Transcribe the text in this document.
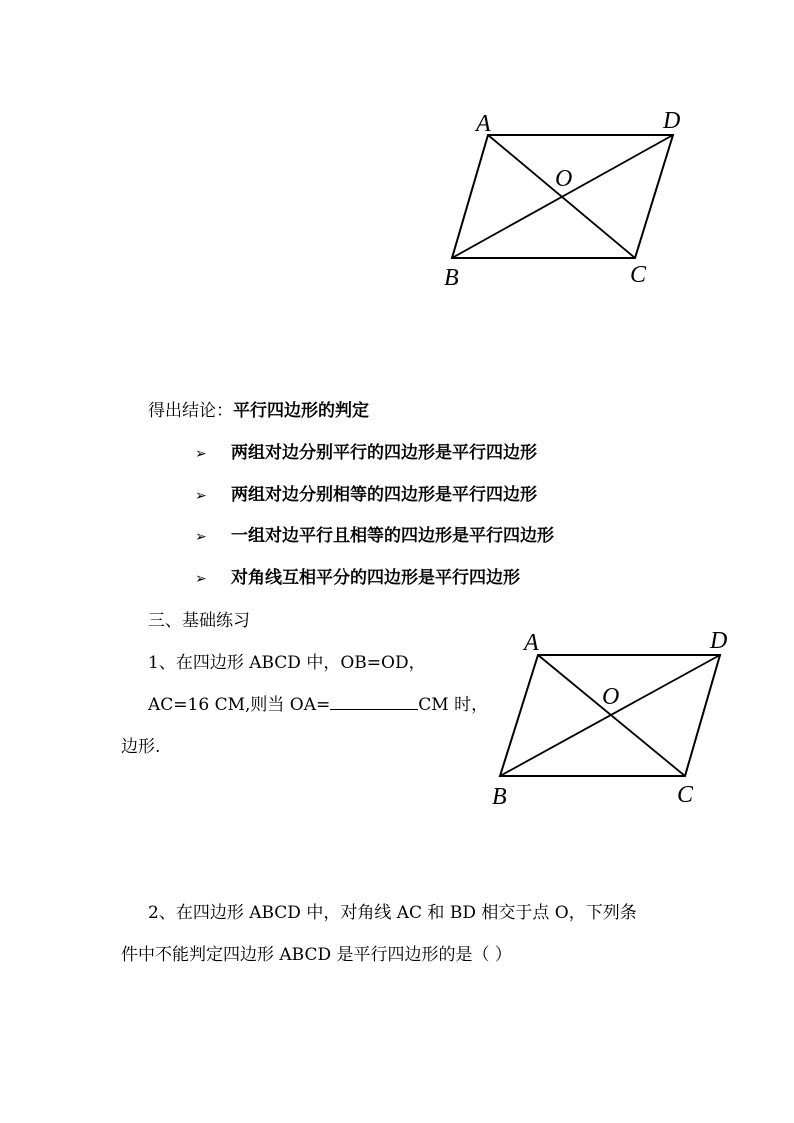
A	D
O
B	C
得出结论：平行四边形的判定
➢ 两组对边分别平行的四边形是平行四边形
➢ 两组对边分别相等的四边形是平行四边形
➢ 一组对边平行且相等的四边形是平行四边形
➢ 对角线互相平分的四边形是平行四边形
三、基础练习
1、在四边形 ABCD 中，OB=OD，
AC=16 CM,则当 OA=	CM 时，
边形.
A	D
O
B	C
2、在四边形 ABCD 中，对角线 AC 和 BD 相交于点 O，下列条
件中不能判定四边形 ABCD 是平行四边形的是（ ）
